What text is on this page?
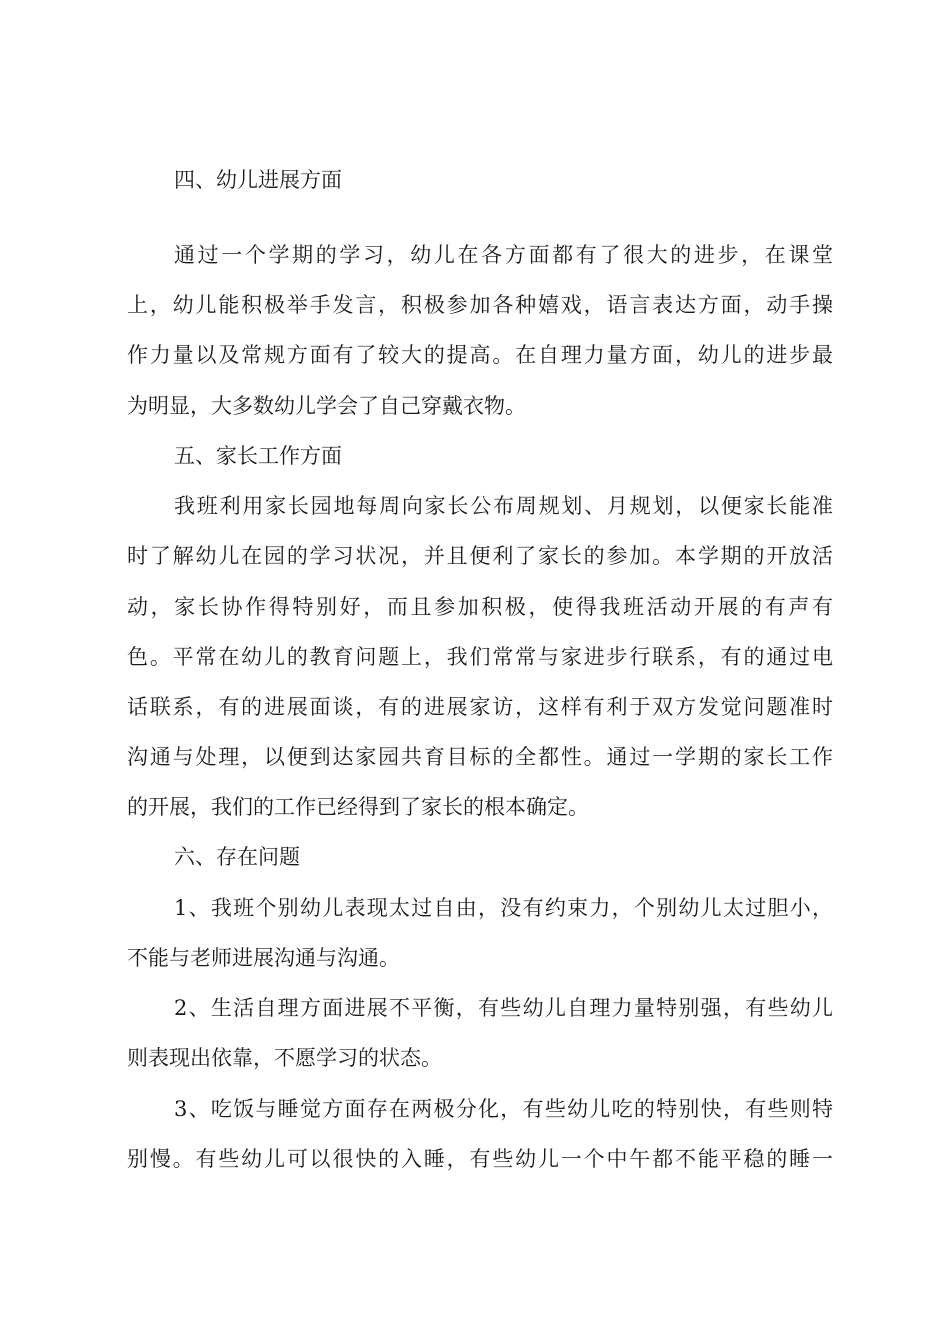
四、幼儿进展方面

通过一个学期的学习，幼儿在各方面都有了很大的进步，在课堂

上，幼儿能积极举手发言，积极参加各种嬉戏，语言表达方面，动手操

作力量以及常规方面有了较大的提高。在自理力量方面，幼儿的进步最

为明显，大多数幼儿学会了自己穿戴衣物。

五、家长工作方面

我班利用家长园地每周向家长公布周规划、月规划，以便家长能准

时了解幼儿在园的学习状况，并且便利了家长的参加。本学期的开放活

动，家长协作得特别好，而且参加积极，使得我班活动开展的有声有

色。平常在幼儿的教育问题上，我们常常与家进步行联系，有的通过电

话联系，有的进展面谈，有的进展家访，这样有利于双方发觉问题准时

沟通与处理，以便到达家园共育目标的全都性。通过一学期的家长工作

的开展，我们的工作已经得到了家长的根本确定。

六、存在问题

1、我班个别幼儿表现太过自由，没有约束力，个别幼儿太过胆小，

不能与老师进展沟通与沟通。

2、生活自理方面进展不平衡，有些幼儿自理力量特别强，有些幼儿

则表现出依靠，不愿学习的状态。

3、吃饭与睡觉方面存在两极分化，有些幼儿吃的特别快，有些则特

别慢。有些幼儿可以很快的入睡，有些幼儿一个中午都不能平稳的睡一
